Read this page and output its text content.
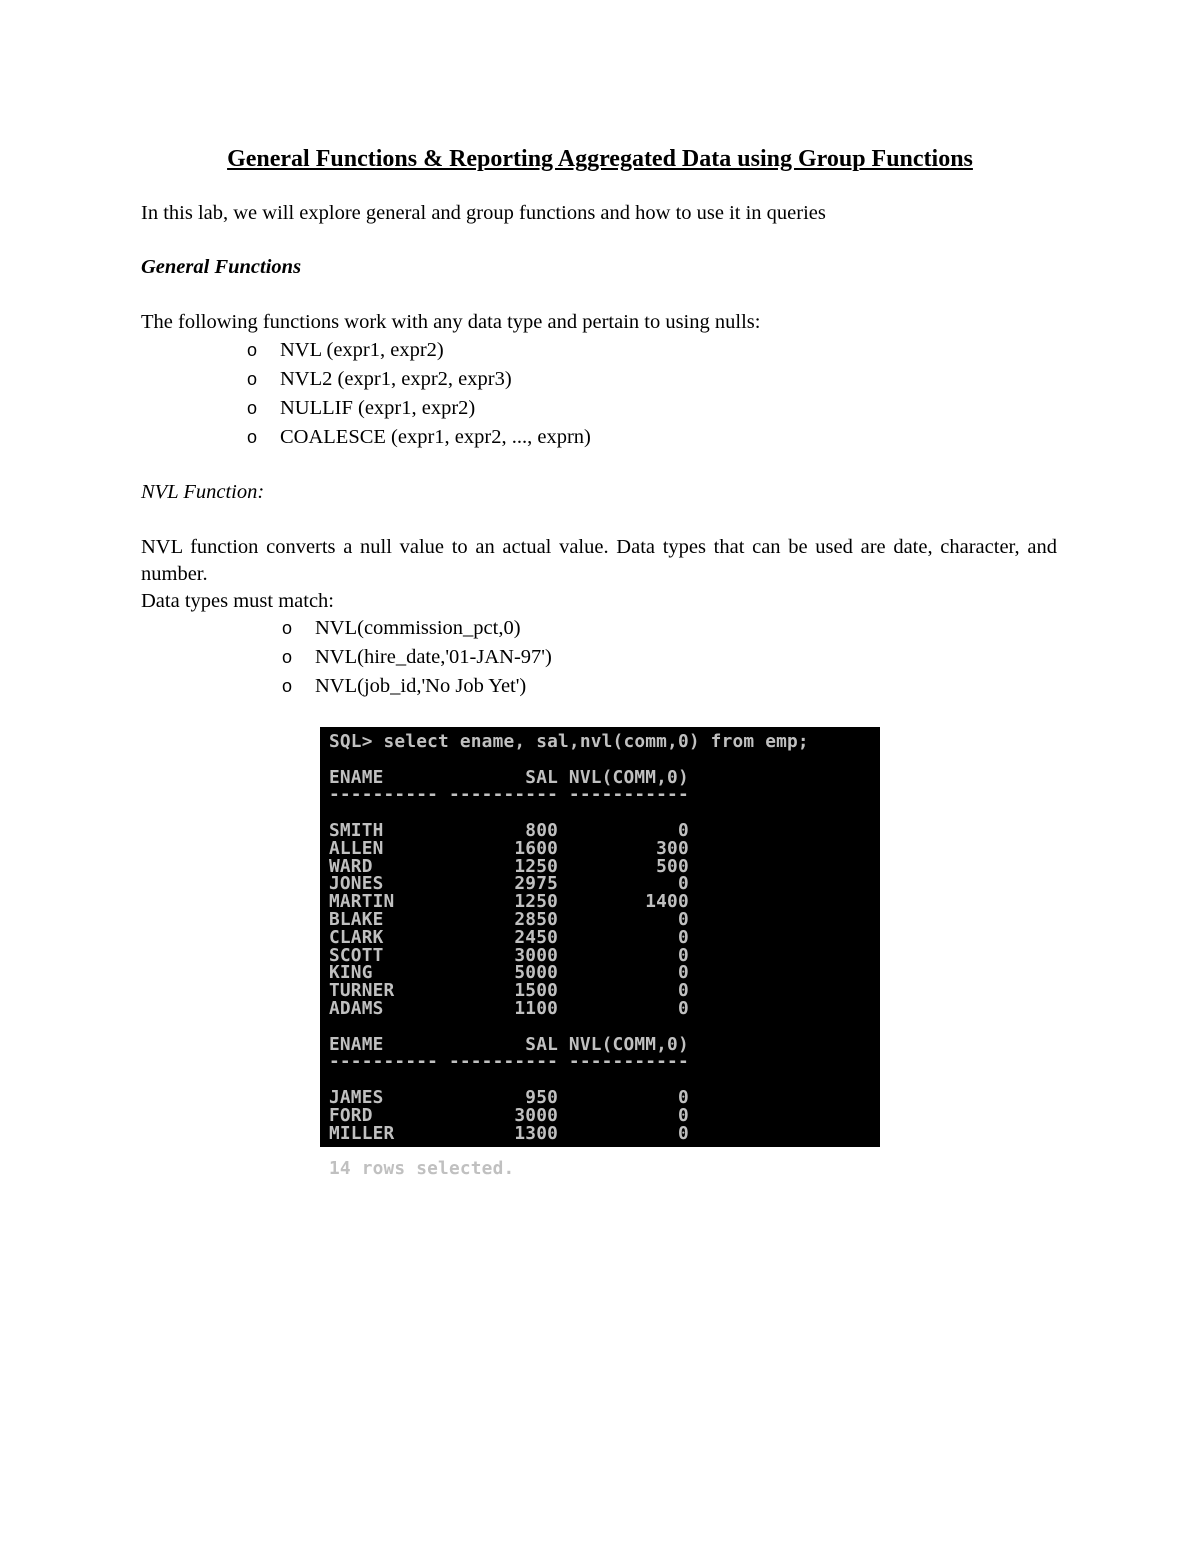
General Functions & Reporting Aggregated Data using Group Functions
In this lab, we will explore general and group functions and how to use it in queries
General Functions
The following functions work with any data type and pertain to using nulls:
o NVL (expr1, expr2)
o NVL2 (expr1, expr2, expr3)
o NULLIF (expr1, expr2)
o COALESCE (expr1, expr2, ..., exprn)
NVL Function:
NVL function converts a null value to an actual value. Data types that can be used are date, character, and number.
Data types must match:
o NVL(commission_pct,0)
o NVL(hire_date,'01-JAN-97')
o NVL(job_id,'No Job Yet')
SQL> select ename, sal,nvl(comm,0) from emp;
ENAME             SAL NVL(COMM,0)
---------- ---------- -----------
SMITH             800           0
ALLEN            1600         300
WARD             1250         500
JONES            2975           0
MARTIN           1250        1400
BLAKE            2850           0
CLARK            2450           0
SCOTT            3000           0
KING             5000           0
TURNER           1500           0
ADAMS            1100           0
ENAME             SAL NVL(COMM,0)
---------- ---------- -----------
JAMES             950           0
FORD             3000           0
MILLER           1300           0
14 rows selected.
